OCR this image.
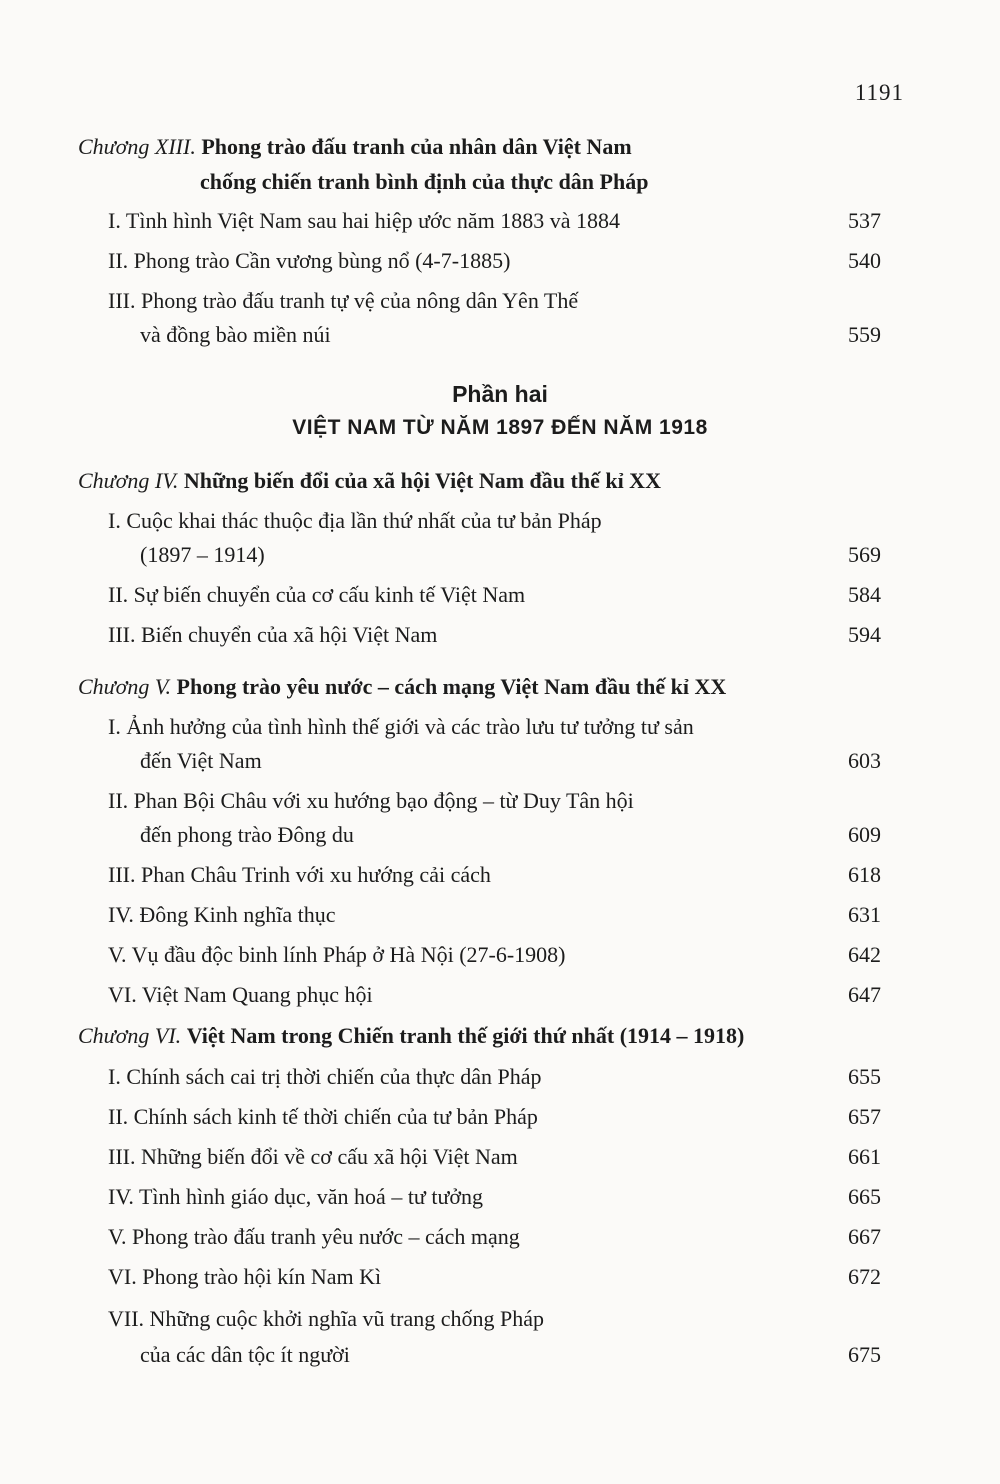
1191
Chương XIII. Phong trào đấu tranh của nhân dân Việt Nam
chống chiến tranh bình định của thực dân Pháp
I. Tình hình Việt Nam sau hai hiệp ước năm 1883 và 1884	537
II. Phong trào Cần vương bùng nổ (4-7-1885)	540
III. Phong trào đấu tranh tự vệ của nông dân Yên Thế
và đồng bào miền núi	559
Phần hai
VIỆT NAM TỪ NĂM 1897 ĐẾN NĂM 1918
Chương IV. Những biến đổi của xã hội Việt Nam đầu thế kỉ XX
I. Cuộc khai thác thuộc địa lần thứ nhất của tư bản Pháp
(1897 – 1914)	569
II. Sự biến chuyển của cơ cấu kinh tế Việt Nam	584
III. Biến chuyển của xã hội Việt Nam	594
Chương V. Phong trào yêu nước – cách mạng Việt Nam đầu thế kỉ XX
I. Ảnh hưởng của tình hình thế giới và các trào lưu tư tưởng tư sản
đến Việt Nam	603
II. Phan Bội Châu với xu hướng bạo động – từ Duy Tân hội
đến phong trào Đông du	609
III. Phan Châu Trinh với xu hướng cải cách	618
IV. Đông Kinh nghĩa thục	631
V. Vụ đầu độc binh lính Pháp ở Hà Nội (27-6-1908)	642
VI. Việt Nam Quang phục hội	647
Chương VI. Việt Nam trong Chiến tranh thế giới thứ nhất (1914 – 1918)
I. Chính sách cai trị thời chiến của thực dân Pháp	655
II. Chính sách kinh tế thời chiến của tư bản Pháp	657
III. Những biến đổi về cơ cấu xã hội Việt Nam	661
IV. Tình hình giáo dục, văn hoá – tư tưởng	665
V. Phong trào đấu tranh yêu nước – cách mạng	667
VI. Phong trào hội kín Nam Kì	672
VII. Những cuộc khởi nghĩa vũ trang chống Pháp
của các dân tộc ít người	675
